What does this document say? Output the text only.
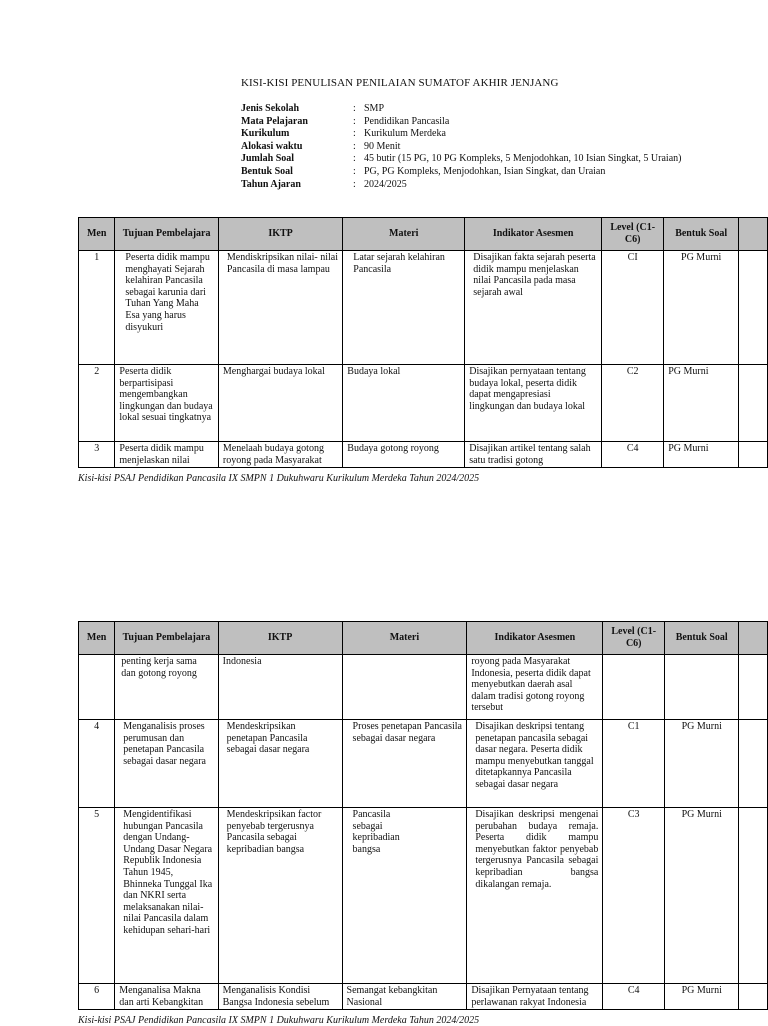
KISI-KISI PENULISAN PENILAIAN SUMATOF AKHIR JENJANG
Jenis Sekolah	: SMP
Mata Pelajaran	: Pendidikan Pancasila
Kurikulum	: Kurikulum Merdeka
Alokasi waktu	: 90 Menit
Jumlah Soal	: 45 butir (15 PG, 10 PG Kompleks, 5 Menjodohkan, 10 Isian Singkat, 5 Uraian)
Bentuk Soal	: PG, PG Kompleks, Menjodohkan, Isian Singkat, dan Uraian
Tahun Ajaran	: 2024/2025
Men	Tujuan Pembelajara	IKTP	Materi	Indikator Asesmen	Level (C1- C6)	Bentuk Soal	
1	Peserta didik mampu menghayati Sejarah kelahiran Pancasila sebagai karunia dari Tuhan Yang Maha Esa yang harus disyukuri	Mendiskripsikan nilai- nilai Pancasila di masa lampau	Latar sejarah kelahiran Pancasila	Disajikan fakta sejarah peserta didik mampu menjelaskan nilai Pancasila pada masa sejarah awal	CI	PG Murni	
2	Peserta didik berpartisipasi mengembangkan lingkungan dan budaya lokal sesuai tingkatnya	Menghargai budaya lokal	Budaya lokal	Disajikan pernyataan tentang budaya lokal, peserta didik dapat mengapresiasi lingkungan dan budaya lokal	C2	PG Murni	
3	Peserta didik mampu menjelaskan nilai	Menelaah budaya gotong royong pada Masyarakat	Budaya gotong royong	Disajikan artikel tentang salah satu tradisi gotong	C4	PG Murni	
Kisi-kisi PSAJ Pendidikan Pancasila IX SMPN 1 Dukuhwaru Kurikulum Merdeka Tahun 2024/2025
Men	Tujuan Pembelajara	IKTP	Materi	Indikator Asesmen	Level (C1- C6)	Bentuk Soal	
	penting kerja sama dan gotong royong	Indonesia		royong pada Masyarakat Indonesia, peserta didik dapat menyebutkan daerah asal dalam tradisi gotong royong tersebut			
4	Menganalisis proses perumusan dan penetapan Pancasila sebagai dasar negara	Mendeskripsikan penetapan Pancasila sebagai dasar negara	Proses penetapan Pancasila sebagai dasar negara	Disajikan deskripsi tentang penetapan pancasila sebagai dasar negara. Peserta didik mampu menyebutkan tanggal ditetapkannya Pancasila sebagai dasar negara	C1	PG Murni	
5	Mengidentifikasi hubungan Pancasila dengan Undang- Undang Dasar Negara Republik Indonesia Tahun 1945, Bhinneka Tunggal Ika dan NKRI serta melaksanakan nilai- nilai Pancasila dalam kehidupan sehari-hari	Mendeskripsikan factor penyebab tergerusnya Pancasila sebagai kepribadian bangsa	Pancasila sebagai kepribadian bangsa	Disajikan deskripsi mengenai perubahan budaya remaja. Peserta didik mampu menyebutkan faktor penyebab tergerusnya Pancasila sebagai kepribadian bangsa dikalangan remaja.	C3	PG Murni	
6	Menganalisa Makna dan arti Kebangkitan	Menganalisis Kondisi Bangsa Indonesia sebelum	Semangat kebangkitan Nasional	Disajikan Pernyataan tentang perlawanan rakyat Indonesia	C4	PG Murni	
Kisi-kisi PSAJ Pendidikan Pancasila IX SMPN 1 Dukuhwaru Kurikulum Merdeka Tahun 2024/2025
